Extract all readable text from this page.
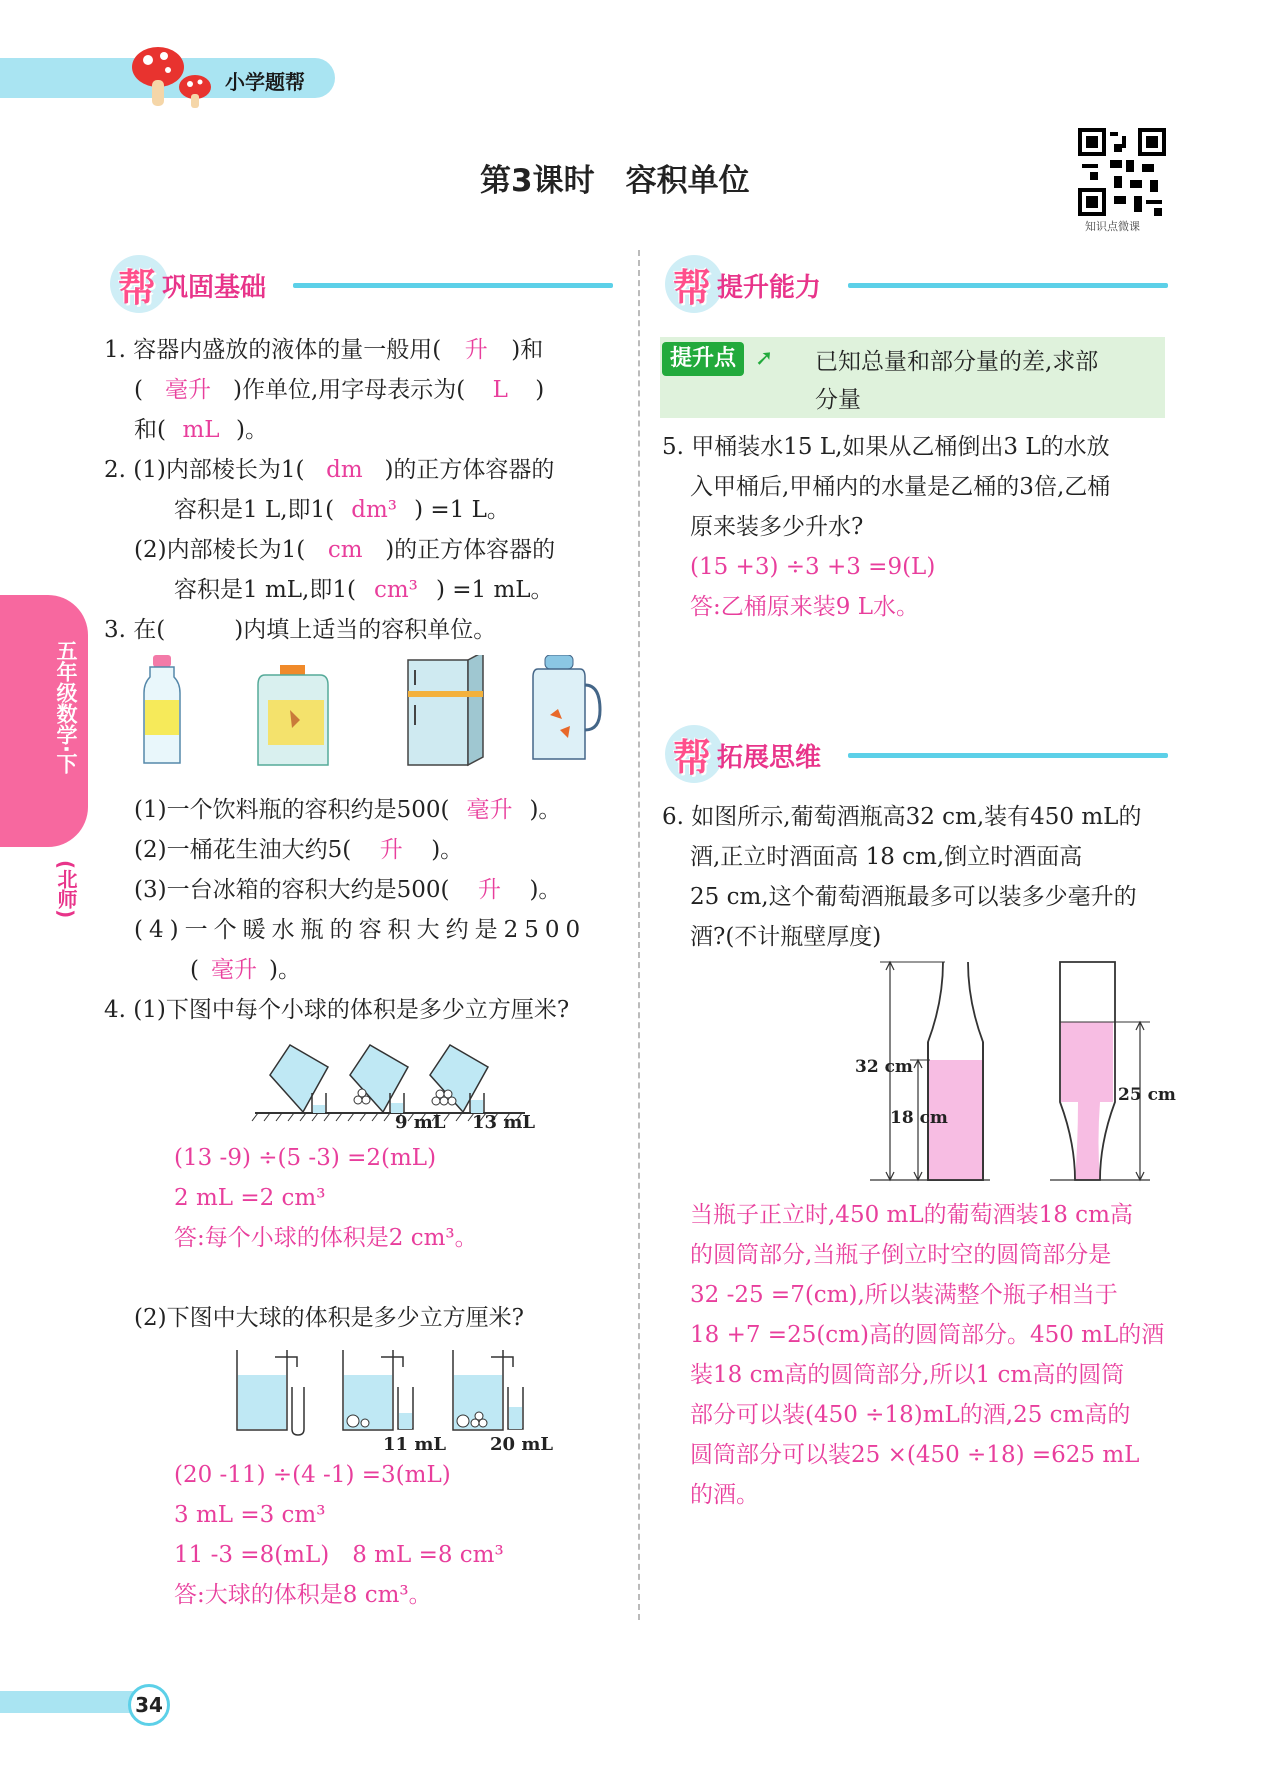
小学题帮
第3课时　容积单位
知识点微课
五年级数学·下
(北师)
帮 巩固基础	帮 提升能力
帮 拓展思维
提升点 ➚ 已知总量和部分量的差,求部
分量
1. 容器内盛放的液体的量一般用( 升 )和
( 毫升 )作单位,用字母表示为( L )
和( mL )。
2. (1)内部棱长为1( dm )的正方体容器的
容积是1 L,即1( dm³ ) =1 L。
(2)内部棱长为1( cm )的正方体容器的
容积是1 mL,即1( cm³ ) =1 mL。
3. 在(　　　)内填上适当的容积单位。
(1)一个饮料瓶的容积约是500( 毫升 )。
(2)一桶花生油大约5( 升 )。
(3)一台冰箱的容积大约是500( 升 )。
(4)一个暖水瓶的容积大约是2500
( 毫升 )。
4. (1)下图中每个小球的体积是多少立方厘米?
9 mL 13 mL
(13 -9) ÷(5 -3) =2(mL)
2 mL =2 cm³
答:每个小球的体积是2 cm³。
(2)下图中大球的体积是多少立方厘米?
11 mL 20 mL
(20 -11) ÷(4 -1) =3(mL)
3 mL =3 cm³
11 -3 =8(mL)　8 mL =8 cm³
答:大球的体积是8 cm³。
5. 甲桶装水15 L,如果从乙桶倒出3 L的水放
入甲桶后,甲桶内的水量是乙桶的3倍,乙桶
原来装多少升水?
(15 +3) ÷3 +3 =9(L)
答:乙桶原来装9 L水。
6. 如图所示,葡萄酒瓶高32 cm,装有450 mL的
酒,正立时酒面高 18 cm,倒立时酒面高
25 cm,这个葡萄酒瓶最多可以装多少毫升的
酒?(不计瓶壁厚度)
32 cm
18 cm
25 cm
当瓶子正立时,450 mL的葡萄酒装18 cm高
的圆筒部分,当瓶子倒立时空的圆筒部分是
32 -25 =7(cm),所以装满整个瓶子相当于
18 +7 =25(cm)高的圆筒部分。450 mL的酒
装18 cm高的圆筒部分,所以1 cm高的圆筒
部分可以装(450 ÷18)mL的酒,25 cm高的
圆筒部分可以装25 ×(450 ÷18) =625 mL
的酒。
34
